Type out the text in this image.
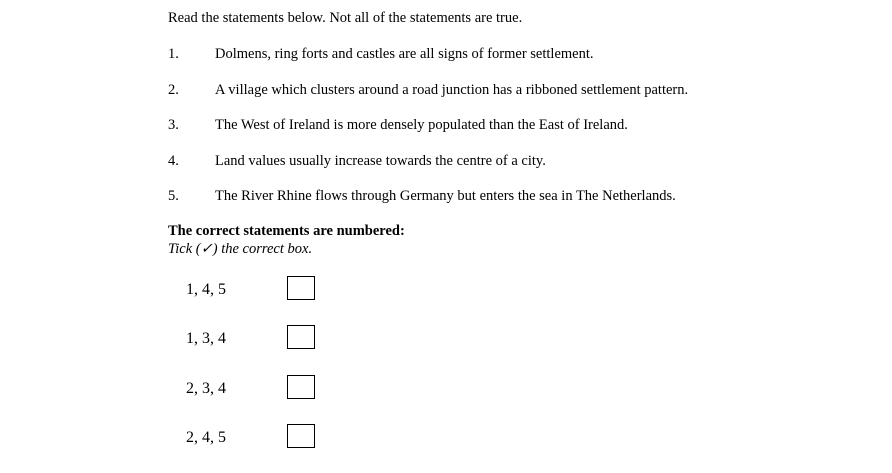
Read the statements below. Not all of the statements are true.
1.	Dolmens, ring forts and castles are all signs of former settlement.
2.	A village which clusters around a road junction has a ribboned settlement pattern.
3.	The West of Ireland is more densely populated than the East of Ireland.
4.	Land values usually increase towards the centre of a city.
5.	The River Rhine flows through Germany but enters the sea in The Netherlands.
The correct statements are numbered:
Tick (✓) the correct box.
1, 4, 5
1, 3, 4
2, 3, 4
2, 4, 5
